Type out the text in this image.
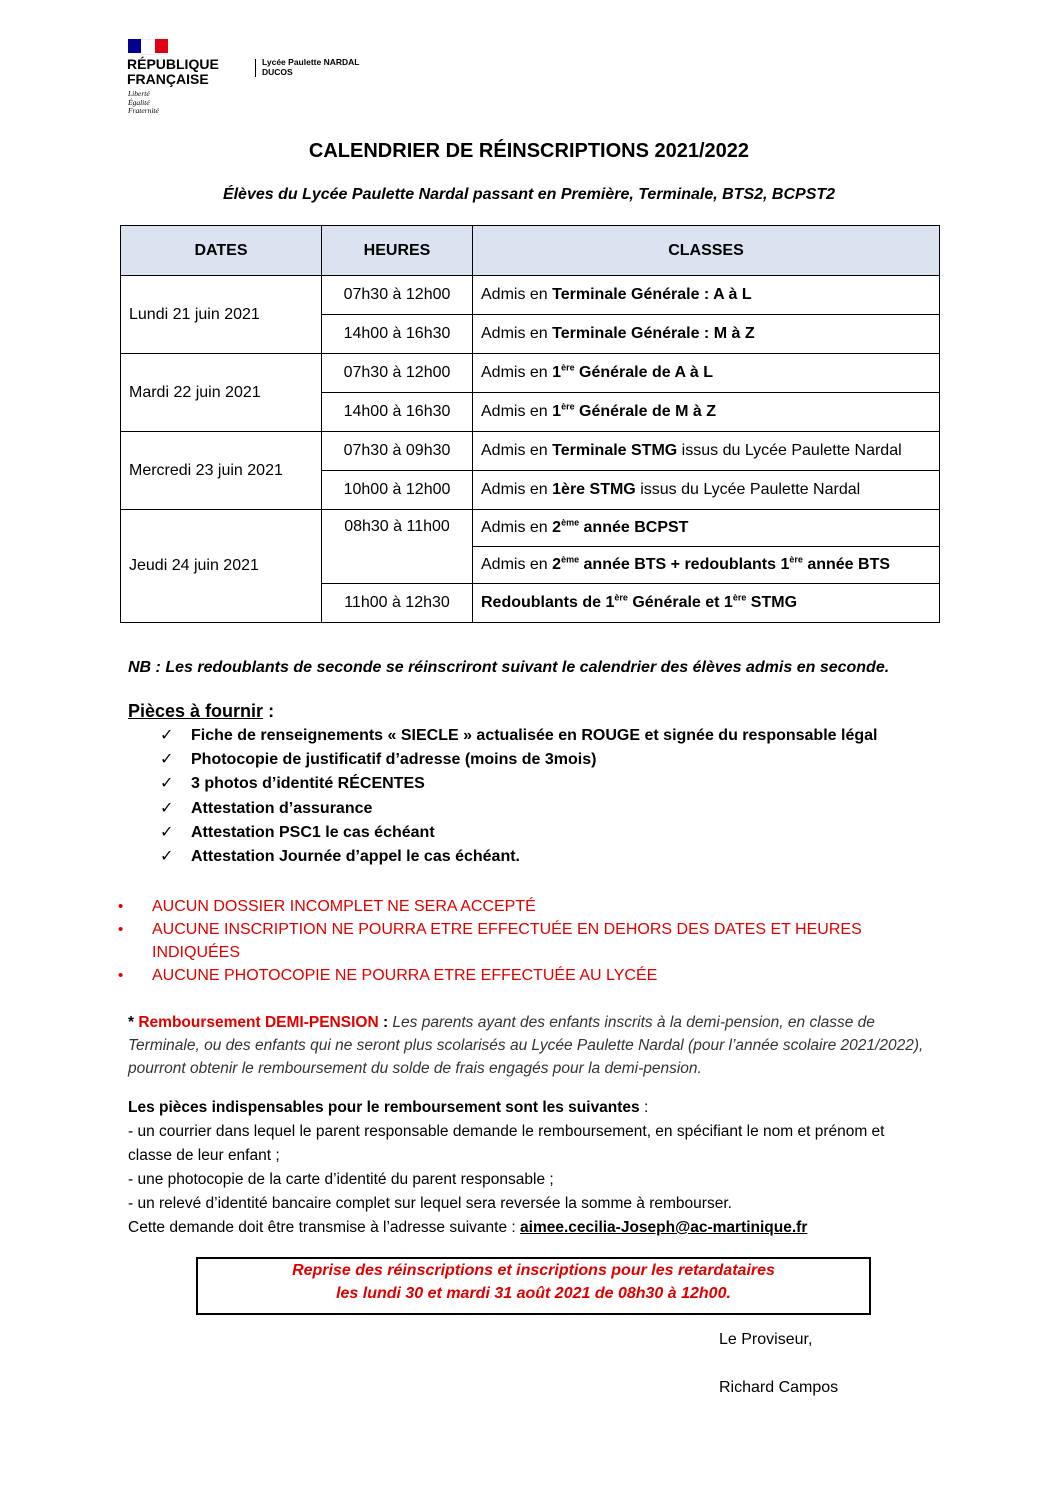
RÉPUBLIQUE
FRANÇAISE
Liberté
Égalité
Fraternité
Lycée Paulette NARDAL
DUCOS
CALENDRIER DE RÉINSCRIPTIONS 2021/2022
Élèves du Lycée Paulette Nardal passant en Première, Terminale, BTS2, BCPST2
DATES	HEURES	CLASSES
Lundi 21 juin 2021	07h30 à 12h00	Admis en Terminale Générale : A à L
	14h00 à 16h30	Admis en Terminale Générale : M à Z
Mardi 22 juin 2021	07h30 à 12h00	Admis en 1ère Générale de A à L
	14h00 à 16h30	Admis en 1ère Générale de M à Z
Mercredi 23 juin 2021	07h30 à 09h30	Admis en Terminale STMG issus du Lycée Paulette Nardal
	10h00 à 12h00	Admis en 1ère STMG issus du Lycée Paulette Nardal
Jeudi 24 juin 2021	08h30 à 11h00	Admis en 2ème année BCPST
		Admis en 2ème année BTS + redoublants 1ère année BTS
	11h00 à 12h30	Redoublants de 1ère Générale et 1ère STMG
NB : Les redoublants de seconde se réinscriront suivant le calendrier des élèves admis en seconde.
Pièces à fournir :
✓	Fiche de renseignements « SIECLE » actualisée en ROUGE et signée du responsable légal
✓	Photocopie de justificatif d’adresse (moins de 3mois)
✓	3 photos d’identité RÉCENTES
✓	Attestation d’assurance
✓	Attestation PSC1 le cas échéant
✓	Attestation Journée d’appel le cas échéant.
•	AUCUN DOSSIER INCOMPLET NE SERA ACCEPTÉ
•	AUCUNE INSCRIPTION NE POURRA ETRE EFFECTUÉE EN DEHORS DES DATES ET HEURES INDIQUÉES
•	AUCUNE PHOTOCOPIE NE POURRA ETRE EFFECTUÉE AU LYCÉE
* Remboursement DEMI-PENSION : Les parents ayant des enfants inscrits à la demi-pension, en classe de Terminale, ou des enfants qui ne seront plus scolarisés au Lycée Paulette Nardal (pour l’année scolaire 2021/2022), pourront obtenir le remboursement du solde de frais engagés pour la demi-pension.
Les pièces indispensables pour le remboursement sont les suivantes :
- un courrier dans lequel le parent responsable demande le remboursement, en spécifiant le nom et prénom et classe de leur enfant ;
- une photocopie de la carte d’identité du parent responsable ;
- un relevé d’identité bancaire complet sur lequel sera reversée la somme à rembourser.
Cette demande doit être transmise à l’adresse suivante : aimee.cecilia-Joseph@ac-martinique.fr
Reprise des réinscriptions et inscriptions pour les retardataires
les lundi 30 et mardi 31 août 2021 de 08h30 à 12h00.
Le Proviseur,
Richard Campos
